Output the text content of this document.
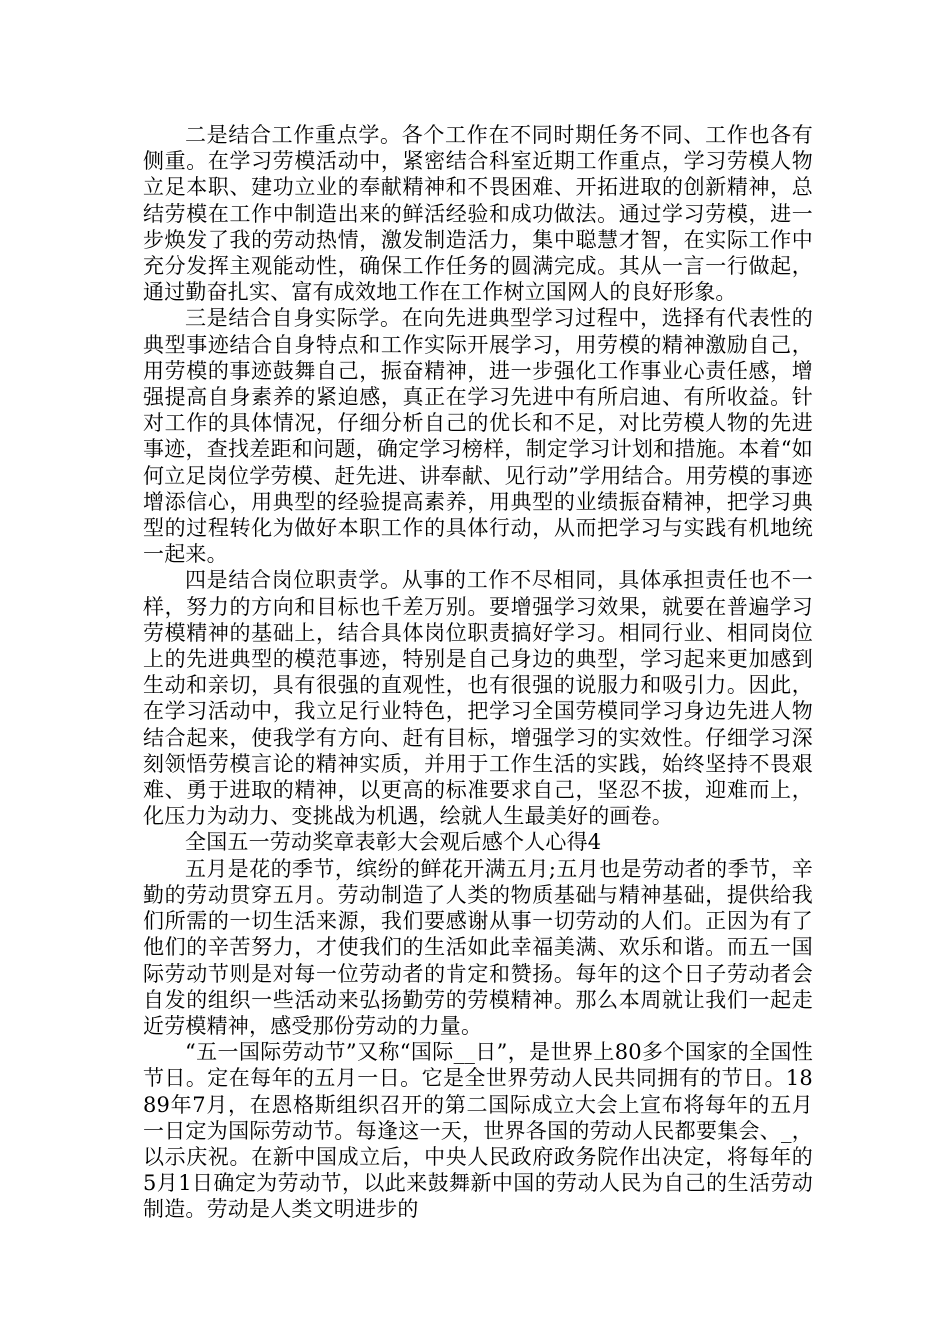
二是结合工作重点学。各个工作在不同时期任务不同、工作也各有侧重。在学习劳模活动中，紧密结合科室近期工作重点，学习劳模人物立足本职、建功立业的奉献精神和不畏困难、开拓进取的创新精神，总结劳模在工作中制造出来的鲜活经验和成功做法。通过学习劳模，进一步焕发了我的劳动热情，激发制造活力，集中聪慧才智，在实际工作中充分发挥主观能动性，确保工作任务的圆满完成。其从一言一行做起，通过勤奋扎实、富有成效地工作在工作树立国网人的良好形象。

三是结合自身实际学。在向先进典型学习过程中，选择有代表性的典型事迹结合自身特点和工作实际开展学习，用劳模的精神激励自己，用劳模的事迹鼓舞自己，振奋精神，进一步强化工作事业心责任感，增强提高自身素养的紧迫感，真正在学习先进中有所启迪、有所收益。针对工作的具体情况，仔细分析自己的优长和不足，对比劳模人物的先进事迹，查找差距和问题，确定学习榜样，制定学习计划和措施。本着“如何立足岗位学劳模、赶先进、讲奉献、见行动”学用结合。用劳模的事迹增添信心，用典型的经验提高素养，用典型的业绩振奋精神，把学习典型的过程转化为做好本职工作的具体行动，从而把学习与实践有机地统一起来。

四是结合岗位职责学。从事的工作不尽相同，具体承担责任也不一样，努力的方向和目标也千差万别。要增强学习效果，就要在普遍学习劳模精神的基础上，结合具体岗位职责搞好学习。相同行业、相同岗位上的先进典型的模范事迹，特别是自己身边的典型，学习起来更加感到生动和亲切，具有很强的直观性，也有很强的说服力和吸引力。因此，在学习活动中，我立足行业特色，把学习全国劳模同学习身边先进人物结合起来，使我学有方向、赶有目标，增强学习的实效性。仔细学习深刻领悟劳模言论的精神实质，并用于工作生活的实践，始终坚持不畏艰难、勇于进取的精神，以更高的标准要求自己，坚忍不拔，迎难而上，化压力为动力、变挑战为机遇，绘就人生最美好的画卷。

全国五一劳动奖章表彰大会观后感个人心得4

五月是花的季节，缤纷的鲜花开满五月;五月也是劳动者的季节，辛勤的劳动贯穿五月。劳动制造了人类的物质基础与精神基础，提供给我们所需的一切生活来源，我们要感谢从事一切劳动的人们。正因为有了他们的辛苦努力，才使我们的生活如此幸福美满、欢乐和谐。而五一国际劳动节则是对每一位劳动者的肯定和赞扬。每年的这个日子劳动者会自发的组织一些活动来弘扬勤劳的劳模精神。那么本周就让我们一起走近劳模精神，感受那份劳动的力量。

“五一国际劳动节”又称“国际__日”，是世界上80多个国家的全国性节日。定在每年的五月一日。它是全世界劳动人民共同拥有的节日。1889年7月，在恩格斯组织召开的第二国际成立大会上宣布将每年的五月一日定为国际劳动节。每逢这一天，世界各国的劳动人民都要集会、_，以示庆祝。在新中国成立后，中央人民政府政务院作出决定，将每年的5月1日确定为劳动节，以此来鼓舞新中国的劳动人民为自己的生活劳动制造。劳动是人类文明进步的
